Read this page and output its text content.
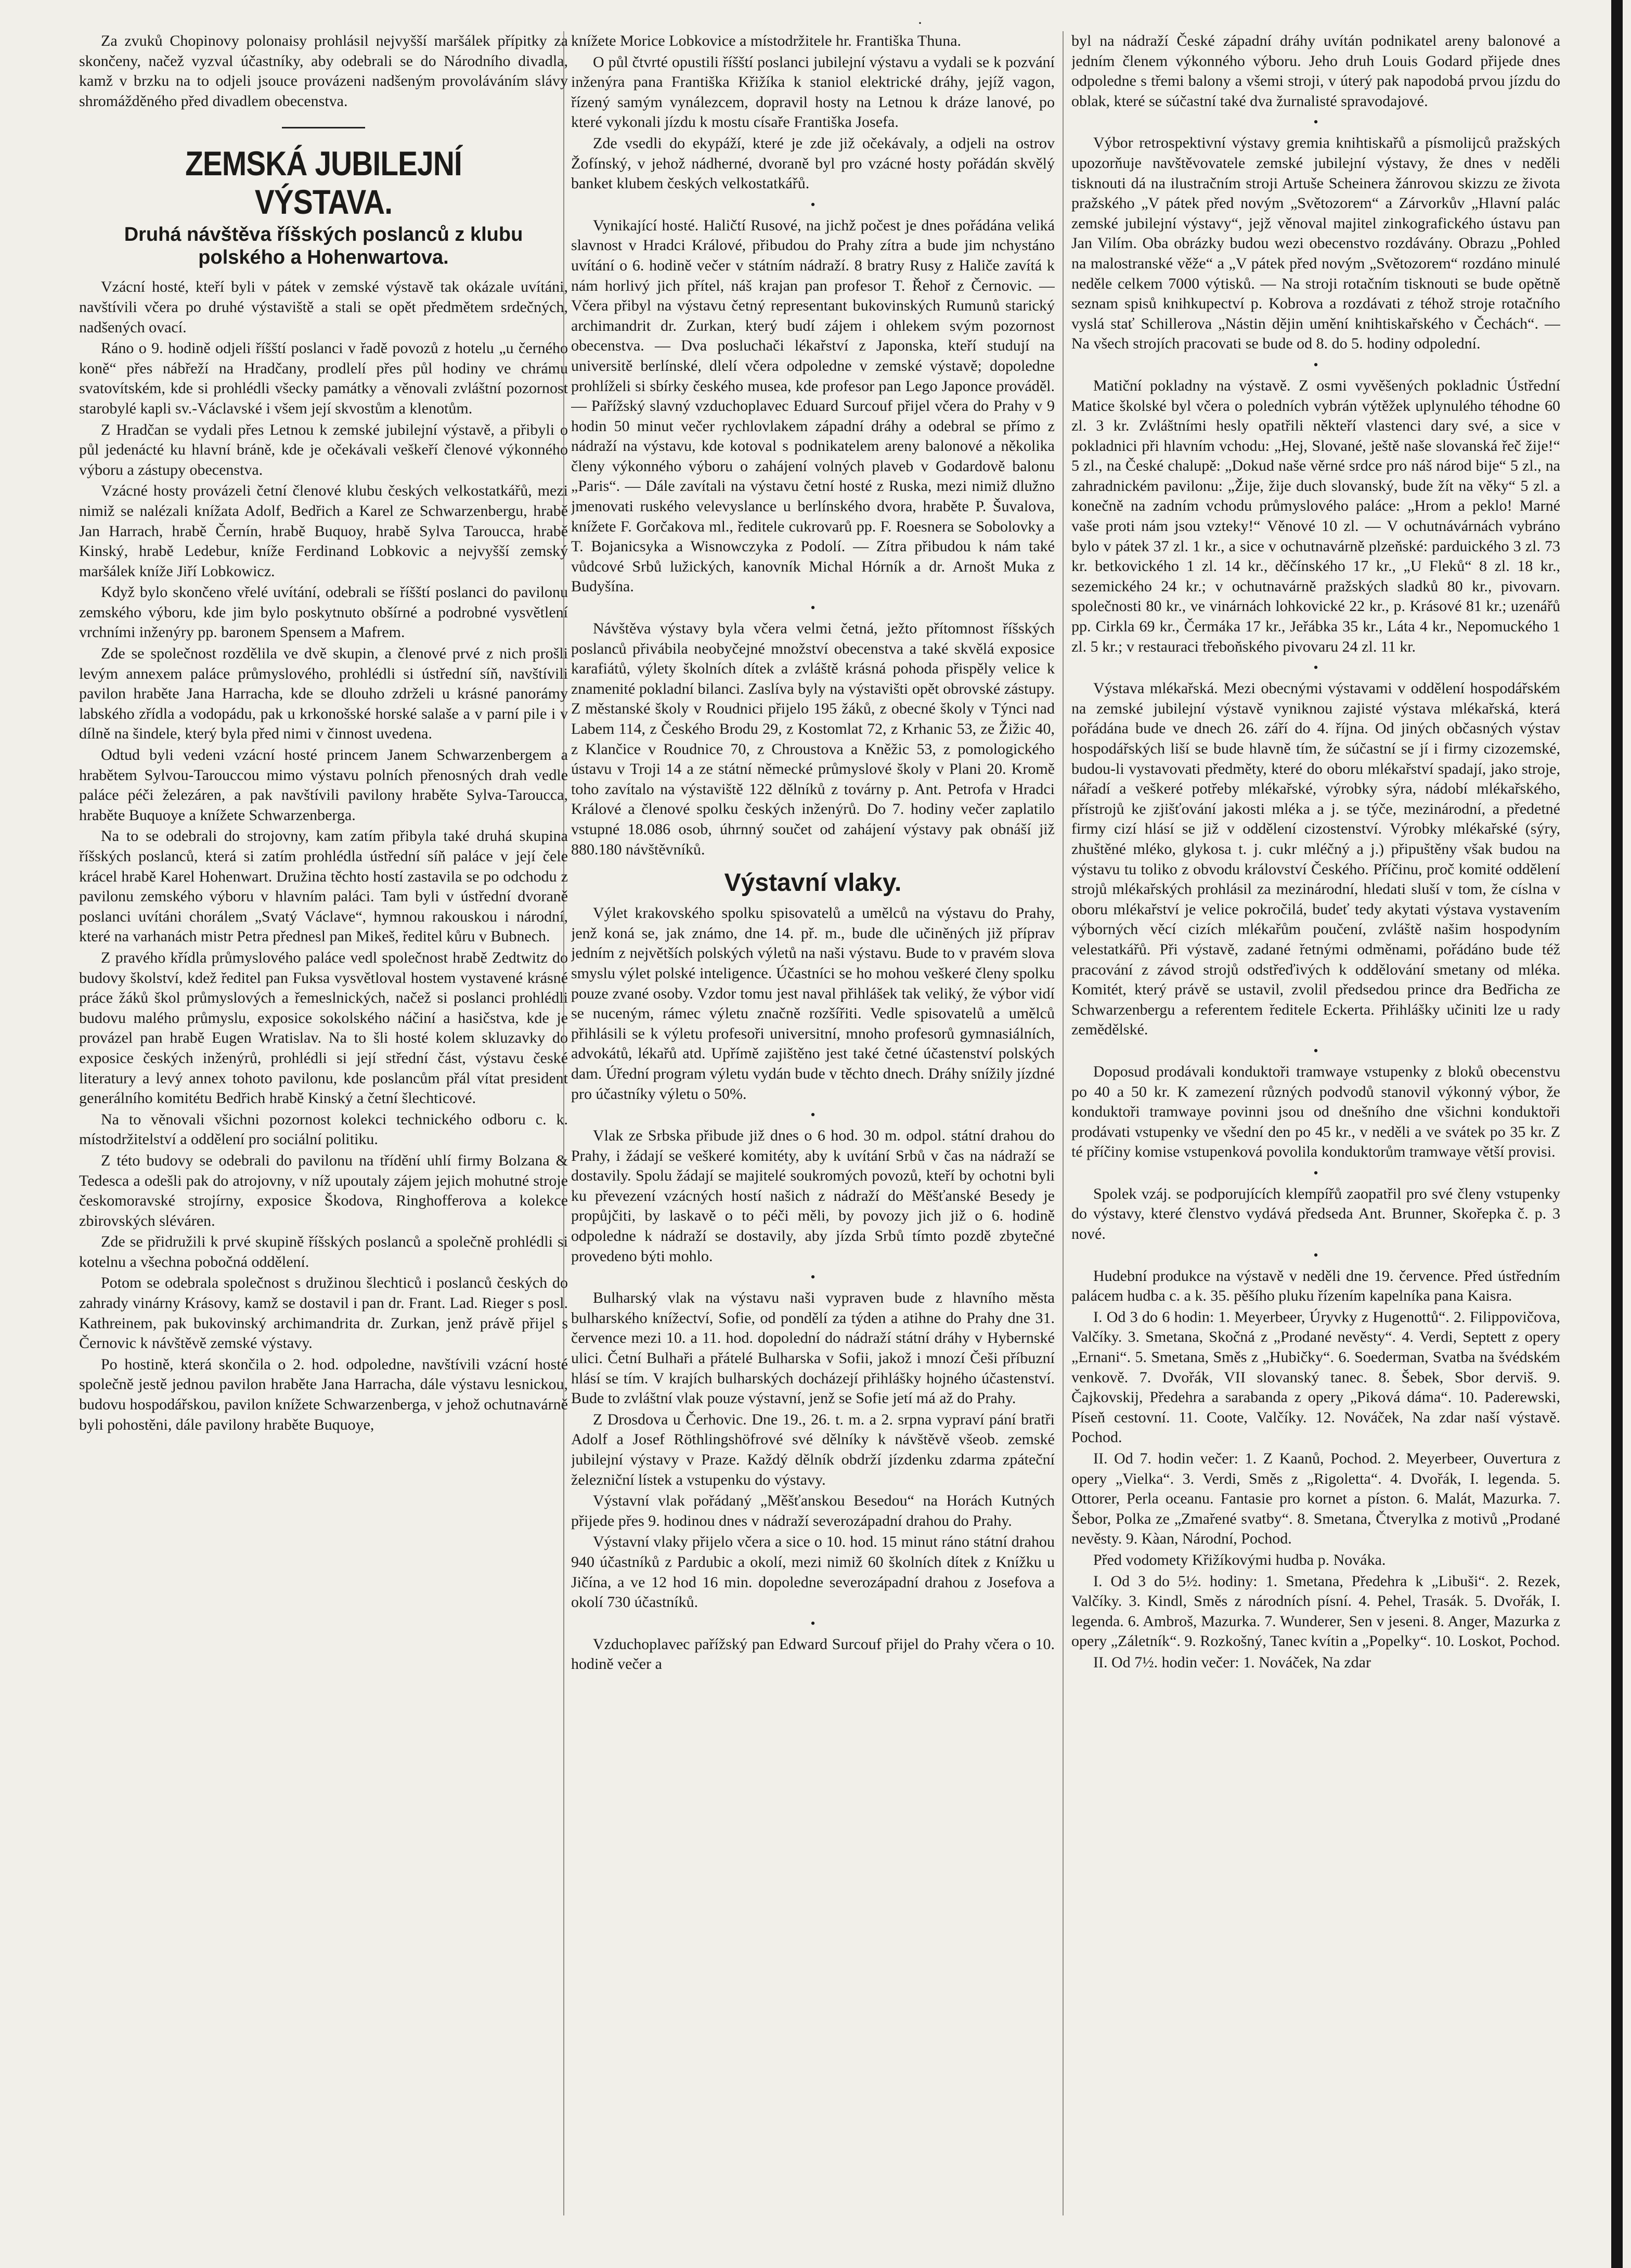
·

Za zvuků Chopinovy polonaisy prohlásil nejvyšší maršálek přípitky za skončeny, načež vyzval účastníky, aby odebrali se do Národního divadla, kamž v brzku na to odjeli jsouce provázeni nadšeným provoláváním slávy shromážděného před divadlem obecenstva.

ZEMSKÁ JUBILEJNÍ VÝSTAVA.
Druhá návštěva říšských poslanců z klubu polského a Hohenwartova.

Vzácní hosté, kteří byli v pátek v zemské výstavě tak okázale uvítáni, navštívili včera po druhé výstaviště a stali se opět předmětem srdečných, nadšených ovací.

Ráno o 9. hodině odjeli říšští poslanci v řadě povozů z hotelu „u černého koně“ přes nábřeží na Hradčany, prodlelí přes půl hodiny ve chrámu svatovítském, kde si prohlédli všecky památky a věnovali zvláštní pozornost starobylé kapli sv.-Václavské i všem její skvostům a klenotům.

Z Hradčan se vydali přes Letnou k zemské jubilejní výstavě, a přibyli o půl jedenácté ku hlavní bráně, kde je očekávali veškeří členové výkonného výboru a zástupy obecenstva.

Vzácné hosty provázeli četní členové klubu českých velkostatkářů, mezi nimiž se nalézali knížata Adolf, Bedřich a Karel ze Schwarzenbergu, hrabě Jan Harrach, hrabě Černín, hrabě Buquoy, hrabě Sylva Taroucca, hrabě Kinský, hrabě Ledebur, kníže Ferdinand Lobkovic a nejvyšší zemský maršálek kníže Jiří Lobkowicz.

Když bylo skončeno vřelé uvítání, odebrali se říšští poslanci do pavilonu zemského výboru, kde jim bylo poskytnuto obšírné a podrobné vysvětlení vrchními inženýry pp. baronem Spensem a Mafrem.

Zde se společnost rozdělila ve dvě skupin, a členové prvé z nich prošli levým annexem paláce průmyslového, prohlédli si ústřední síň, navštívili pavilon hraběte Jana Harracha, kde se dlouho zdrželi u krásné panorámy labského zřídla a vodopádu, pak u krkonošské horské salaše a v parní pile i v dílně na šindele, který byla před nimi v činnost uvedena.

Odtud byli vedeni vzácní hosté princem Janem Schwarzenbergem a hrabětem Sylvou-Tarouccou mimo výstavu polních přenosných drah vedle paláce péči železáren, a pak navštívili pavilony hraběte Sylva-Taroucca, hraběte Buquoye a knížete Schwarzenberga.

Na to se odebrali do strojovny, kam zatím přibyla také druhá skupina říšských poslanců, která si zatím prohlédla ústřední síň paláce v její čele krácel hrabě Karel Hohenwart. Družina těchto hostí zastavila se po odchodu z pavilonu zemského výboru v hlavním paláci. Tam byli v ústřední dvoraně poslanci uvítáni chorálem „Svatý Václave“, hymnou rakouskou i národní, které na varhanách mistr Petra přednesl pan Mikeš, ředitel kůru v Bubnech.

Z pravého křídla průmyslového paláce vedl společnost hrabě Zedtwitz do budovy školství, kdež ředitel pan Fuksa vysvětloval hostem vystavené krásné práce žáků škol průmyslových a řemeslnických, načež si poslanci prohlédli budovu malého průmyslu, exposice sokolského náčiní a hasičstva, kde je provázel pan hrabě Eugen Wratislav. Na to šli hosté kolem skluzavky do exposice českých inženýrů, prohlédli si její střední část, výstavu české literatury a levý annex tohoto pavilonu, kde poslancům přál vítat president generálního komitétu Bedřich hrabě Kinský a četní šlechticové.

Na to věnovali všichni pozornost kolekci technického odboru c. k. místodržitelství a oddělení pro sociální politiku.

Z této budovy se odebrali do pavilonu na třídění uhlí firmy Bolzana & Tedesca a odešli pak do atrojovny, v níž upoutaly zájem jejich mohutné stroje českomoravské strojírny, exposice Škodova, Ringhofferova a kolekce zbirovských sléváren.

Zde se přidružili k prvé skupině říšských poslanců a společně prohlédli si kotelnu a všechna pobočná oddělení.

Potom se odebrala společnost s družinou šlechticů i poslanců českých do zahrady vinárny Krásovy, kamž se dostavil i pan dr. Frant. Lad. Rieger s posl. Kathreinem, pak bukovinský archimandrita dr. Zurkan, jenž právě přijel s Černovic k návštěvě zemské výstavy.

Po hostině, která skončila o 2. hod. odpoledne, navštívili vzácní hosté společně jestě jednou pavilon hraběte Jana Harracha, dále výstavu lesnickou, budovu hospodářskou, pavilon knížete Schwarzenberga, v jehož ochutnavárně byli pohostěni, dále pavilony hraběte Buquoye,

knížete Morice Lobkovice a místodržitele hr. Františka Thuna.

O půl čtvrté opustili říšští poslanci jubilejní výstavu a vydali se k pozvání inženýra pana Františka Křižíka k staniol elektrické dráhy, jejíž vagon, řízený samým vynálezcem, dopravil hosty na Letnou k dráze lanové, po které vykonali jízdu k mostu císaře Františka Josefa.

Zde vsedli do ekypáží, které je zde již očekávaly, a odjeli na ostrov Žofínský, v jehož nádherné, dvoraně byl pro vzácné hosty pořádán skvělý banket klubem českých velkostatkářů.

•

Vynikající hosté. Haličtí Rusové, na jichž počest je dnes pořádána veliká slavnost v Hradci Králové, přibudou do Prahy zítra a bude jim nchystáno uvítání o 6. hodině večer v státním nádraží. 8 bratry Rusy z Haliče zavítá k nám horlivý jich přítel, náš krajan pan profesor T. Řehoř z Černovic. — Včera přibyl na výstavu četný representant bukovinských Rumunů starický archimandrit dr. Zurkan, který budí zájem i ohlekem svým pozornost obecenstva. — Dva posluchači lékařství z Japonska, kteří studují na universitě berlínské, dlelí včera odpoledne v zemské výstavě; dopoledne prohlíželi si sbírky českého musea, kde profesor pan Lego Japonce prováděl. — Pařížský slavný vzduchoplavec Eduard Surcouf přijel včera do Prahy v 9 hodin 50 minut večer rychlovlakem západní dráhy a odebral se přímo z nádraží na výstavu, kde kotoval s podnikatelem areny balonové a několika členy výkonného výboru o zahájení volných plaveb v Godardově balonu „Paris“. — Dále zavítali na výstavu četní hosté z Ruska, mezi nimiž dlužno jmenovati ruského velevyslance u berlínského dvora, hraběte P. Šuvalova, knížete F. Gorčakova ml., ředitele cukrovarů pp. F. Roesnera se Sobolovky a T. Bojanicsyka a Wisnowczyka z Podolí. — Zítra přibudou k nám také vůdcové Srbů lužických, kanovník Michal Hórník a dr. Arnošt Muka z Budyšína.

•

Návštěva výstavy byla včera velmi četná, ježto přítomnost říšských poslanců přivábila neobyčejné množství obecenstva a také skvělá exposice karafiátů, výlety školních dítek a zvláště krásná pohoda přispěly velice k znamenité pokladní bilanci. Zaslíva byly na výstavišti opět obrovské zástupy. Z městanské školy v Roudnici přijelo 195 žáků, z obecné školy v Týnci nad Labem 114, z Českého Brodu 29, z Kostomlat 72, z Krhanic 53, ze Žižic 40, z Klančice v Roudnice 70, z Chroustova a Kněžic 53, z pomologického ústavu v Troji 14 a ze státní německé průmyslové školy v Plani 20. Kromě toho zavítalo na výstaviště 122 dělníků z továrny p. Ant. Petrofa v Hradci Králové a členové spolku českých inženýrů. Do 7. hodiny večer zaplatilo vstupné 18.086 osob, úhrnný součet od zahájení výstavy pak obnáší již 880.180 návštěvníků.

Výstavní vlaky.

Výlet krakovského spolku spisovatelů a umělců na výstavu do Prahy, jenž koná se, jak známo, dne 14. př. m., bude dle učiněných již příprav jedním z největších polských výletů na naši výstavu. Bude to v pravém slova smyslu výlet polské inteligence. Účastníci se ho mohou veškeré členy spolku pouze zvané osoby. Vzdor tomu jest naval přihlášek tak veliký, že výbor vidí se nuceným, rámec výletu značně rozšířiti. Vedle spisovatelů a umělců přihlásili se k výletu profesoři universitní, mnoho profesorů gymnasiálních, advokátů, lékařů atd. Upřímě zajištěno jest také četné účastenství polských dam. Úřední program výletu vydán bude v těchto dnech. Dráhy snížily jízdné pro účastníky výletu o 50%.

•

Vlak ze Srbska přibude již dnes o 6 hod. 30 m. odpol. státní drahou do Prahy, i žádají se veškeré komitéty, aby k uvítání Srbů v čas na nádraží se dostavily. Spolu žádají se majitelé soukromých povozů, kteří by ochotni byli ku převezení vzácných hostí našich z nádraží do Měšťanské Besedy je propůjčiti, by laskavě o to péči měli, by povozy jich již o 6. hodině odpoledne k nádraží se dostavily, aby jízda Srbů tímto pozdě zbytečné provedeno býti mohlo.

•

Bulharský vlak na výstavu naši vypraven bude z hlavního města bulharského knížectví, Sofie, od pondělí za týden a atihne do Prahy dne 31. července mezi 10. a 11. hod. dopolední do nádraží státní dráhy v Hybernské ulici. Četní Bulhaři a přátelé Bulharska v Sofii, jakož i mnozí Češi příbuzní hlásí se tím. V krajích bulharských docházejí přihlášky hojného účastenství. Bude to zvláštní vlak pouze výstavní, jenž se Sofie jetí má až do Prahy.

Z Drosdova u Čerhovic. Dne 19., 26. t. m. a 2. srpna vypraví pání bratři Adolf a Josef Röthlingshöfrové své dělníky k návštěvě všeob. zemské jubilejní výstavy v Praze. Každý dělník obdrží jízdenku zdarma zpáteční železniční lístek a vstupenku do výstavy.

Výstavní vlak pořádaný „Měšťanskou Besedou“ na Horách Kutných přijede přes 9. hodinou dnes v nádraží severozápadní drahou do Prahy.

Výstavní vlaky přijelo včera a sice o 10. hod. 15 minut ráno státní drahou 940 účastníků z Pardubic a okolí, mezi nimiž 60 školních dítek z Knížku u Jičína, a ve 12 hod 16 min. dopoledne severozápadní drahou z Josefova a okolí 730 účastníků.

•

Vzduchoplavec pařížský pan Edward Surcouf přijel do Prahy včera o 10. hodině večer a

byl na nádraží České západní dráhy uvítán podnikatel areny balonové a jedním členem výkonného výboru. Jeho druh Louis Godard přijede dnes odpoledne s třemi balony a všemi stroji, v úterý pak napodobá prvou jízdu do oblak, které se súčastní také dva žurnalisté spravodajové.

•

Výbor retrospektivní výstavy gremia knihtiskařů a písmolijců pražských upozorňuje navštěvovatele zemské jubilejní výstavy, že dnes v neděli tisknouti dá na ilustračním stroji Artuše Scheinera žánrovou skizzu ze života pražského „V pátek před novým „Světozorem“ a Zárvorkův „Hlavní palác zemské jubilejní výstavy“, jejž věnoval majitel zinkografického ústavu pan Jan Vilím. Oba obrázky budou wezi obecenstvo rozdávány. Obrazu „Pohled na malostranské věže“ a „V pátek před novým „Světozorem“ rozdáno minulé neděle celkem 7000 výtisků. — Na stroji rotačním tisknouti se bude opětně seznam spisů knihkupectví p. Kobrova a rozdávati z téhož stroje rotačního vyslá stať Schillerova „Nástin dějin umění knihtiskařského v Čechách“. — Na všech strojích pracovati se bude od 8. do 5. hodiny odpolední.

•

Matiční pokladny na výstavě. Z osmi vyvěšených pokladnic Ústřední Matice školské byl včera o poledních vybrán výtěžek uplynulého téhodne 60 zl. 3 kr. Zvláštními hesly opatřili někteří vlastenci dary své, a sice v pokladnici při hlavním vchodu: „Hej, Slované, ještě naše slovanská řeč žije!“ 5 zl., na České chalupě: „Dokud naše věrné srdce pro náš národ bije“ 5 zl., na zahradnickém pavilonu: „Žije, žije duch slovanský, bude žít na věky“ 5 zl. a konečně na zadním vchodu průmyslového paláce: „Hrom a peklo! Marné vaše proti nám jsou vztekу!“ Věnové 10 zl. — V ochutnávárnách vybráno bylo v pátek 37 zl. 1 kr., a sice v ochutnavárně plzeňské: parduického 3 zl. 73 kr. betkovického 1 zl. 14 kr., děčínského 17 kr., „U Fleků“ 8 zl. 18 kr., sezemického 24 kr.; v ochutnavárně pražských sladků 80 kr., pivovarn. společnosti 80 kr., ve vinárnách lohkovické 22 kr., p. Krásové 81 kr.; uzenářů pp. Cirkla 69 kr., Čermáka 17 kr., Jeřábka 35 kr., Láta 4 kr., Nepomuckého 1 zl. 5 kr.; v restauraci třeboňského pivovaru 24 zl. 11 kr.

•

Výstava mlékařská. Mezi obecnými výstavami v oddělení hospodářském na zemské jubilejní výstavě vyniknou zajisté výstava mlékařská, která pořádána bude ve dnech 26. září do 4. října. Od jiných občasných výstav hospodářských liší se bude hlavně tím, že súčastní se jí i firmy cizozemské, budou-li vystavovati předměty, které do oboru mlékařství spadají, jako stroje, nářadí a veškeré potřeby mlékařské, výrobky sýra, nádobí mlékařského, přístrojů ke zjišťování jakosti mléka a j. se týče, mezinárodní, a předetné firmy cizí hlásí se již v oddělení cizostenství. Výrobky mlékařské (sýry, zhuštěné mléko, glykosa t. j. cukr mléčný a j.) připuštěny však budou na výstavu tu toliko z obvodu království Českého. Příčinu, proč komité oddělení strojů mlékařských prohlásil za mezinárodní, hledati sluší v tom, že císlna v oboru mlékařství je velice pokročilá, budeť tedy akytati výstava vystavením výborných věcí cizích mlékařům poučení, zvláště našim hospodyním velestatkářů. Při výstavě, zadané řetnými odměnami, pořádáno bude též pracování z závod strojů odstřeďivých k oddělování smetany od mléka. Komitét, který právě se ustavil, zvolil předsedou prince dra Bedřicha ze Schwarzenbergu a referentem ředitele Eckerta. Přihlášky učiniti lze u rady zemědělské.

•

Doposud prodávali konduktoři tramwaye vstupenky z bloků obecenstvu po 40 a 50 kr. K zamezení různých podvodů stanovil výkonný výbor, že konduktoři tramwaye povinni jsou od dnešního dne všichni konduktoři prodávati vstupenky ve všední den po 45 kr., v neděli a ve svátek po 35 kr. Z té příčiny komise vstupenková povolila konduktorům tramwaye větší provisi.

•

Spolek vzáj. se podporujících klempířů zaopatřil pro své členy vstupenky do výstavy, které členstvo vydává předseda Ant. Brunner, Skořepka č. p. 3 nové.

•

Hudební produkce na výstavě v neděli dne 19. července. Před ústředním palácem hudba c. a k. 35. pěšího pluku řízením kapelníka pana Kaisra.

I. Od 3 do 6 hodin: 1. Meyerbeer, Úryvky z Hugenottů“. 2. Filippovičova, Valčíky. 3. Smetana, Skočná z „Prodané nevěsty“. 4. Verdi, Septett z opery „Ernani“. 5. Smetana, Směs z „Hubičky“. 6. Soederman, Svatba na švédském venkově. 7. Dvořák, VII slovanský tanec. 8. Šebek, Sbor derviš. 9. Čajkovskij, Předehra a sarabanda z opery „Piková dáma“. 10. Paderewski, Píseň cestovní. 11. Coote, Valčíky. 12. Nováček, Na zdar naší výstavě. Pochod.

II. Od 7. hodin večer: 1. Z Kaanů, Pochod. 2. Meyerbeer, Ouvertura z opery „Vielka“. 3. Verdi, Směs z „Rigoletta“. 4. Dvořák, I. legenda. 5. Ottorer, Perla oceanu. Fantasie pro kornet a píston. 6. Malát, Mazurka. 7. Šebor, Polka ze „Zmařené svatby“. 8. Smetana, Čtverylka z motivů „Prodané nevěsty. 9. Kàan, Národní, Pochod.

Před vodomety Křižíkovými hudba p. Nováka.

I. Od 3 do 5½. hodiny: 1. Smetana, Předehra k „Libuši“. 2. Rezek, Valčíky. 3. Kindl, Směs z národních písní. 4. Pehel, Trasák. 5. Dvořák, I. legenda. 6. Ambroš, Mazurka. 7. Wunderer, Sen v jeseni. 8. Anger, Mazurka z opery „Záletník“. 9. Rozkošný, Tanec kvítin a „Popelky“. 10. Loskot, Pochod.

II. Od 7½. hodin večer: 1. Nováček, Na zdar
